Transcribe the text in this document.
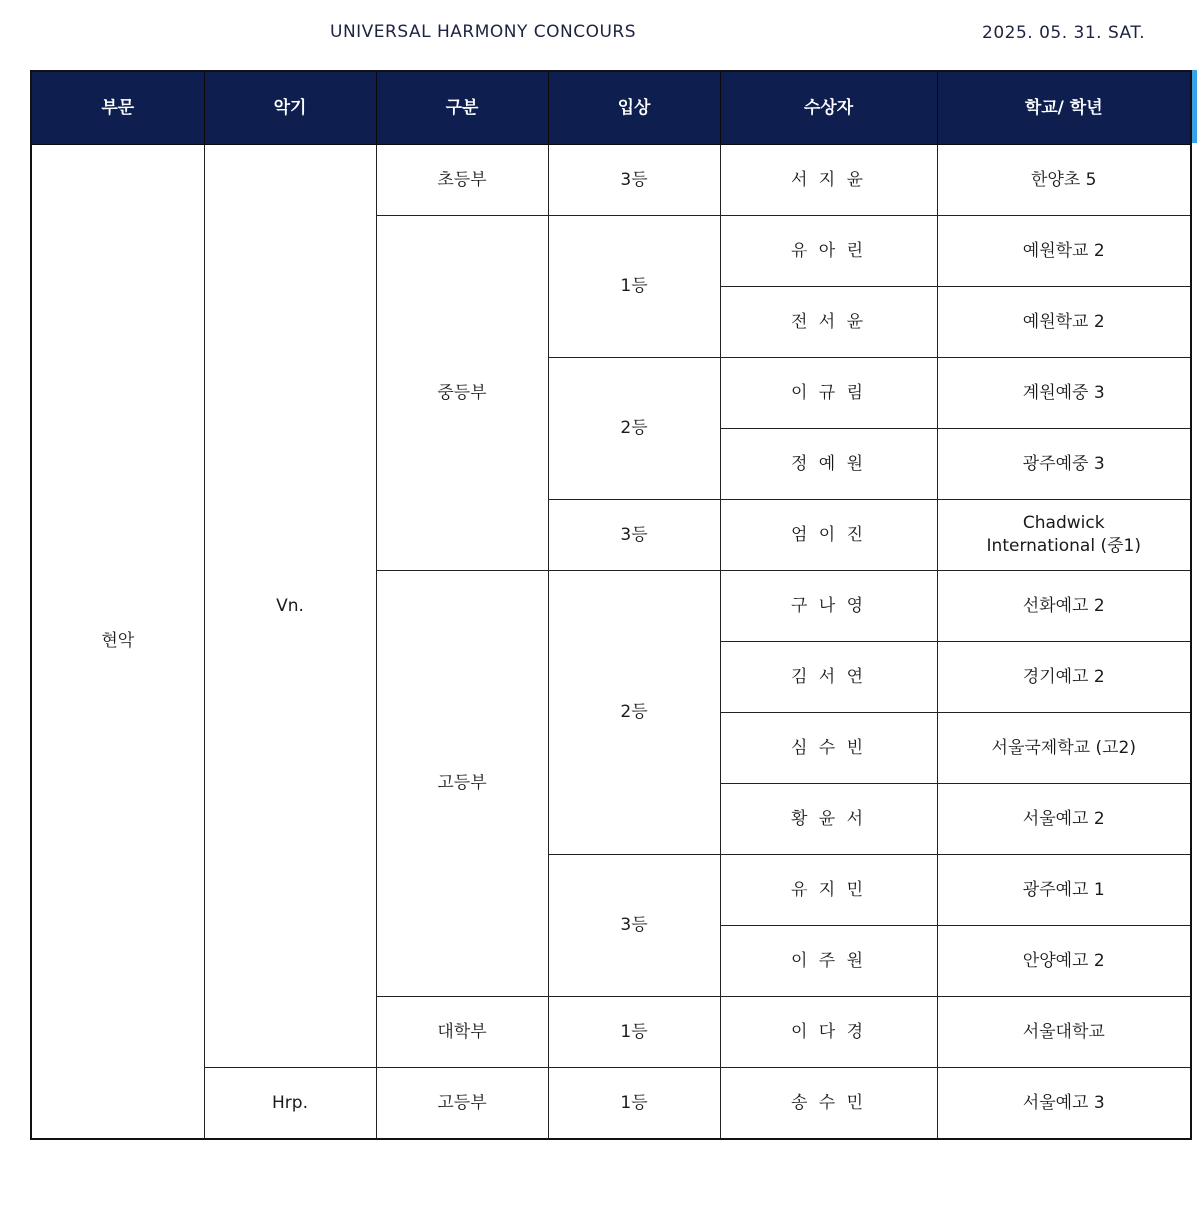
UNIVERSAL HARMONY CONCOURS	2025. 05. 31. SAT.
부문	악기	구분	입상	수상자	학교/ 학년
현악	Vn.	초등부	3등	서 지 윤	한양초 5
		중등부	1등	유 아 린	예원학교 2
				전 서 윤	예원학교 2
			2등	이 규 림	계원예중 3
				정 예 원	광주예중 3
			3등	엄 이 진	Chadwick
International (중1)
		고등부	2등	구 나 영	선화예고 2
				김 서 연	경기예고 2
				심 수 빈	서울국제학교 (고2)
				황 윤 서	서울예고 2
			3등	유 지 민	광주예고 1
				이 주 원	안양예고 2
		대학부	1등	이 다 경	서울대학교
	Hrp.	고등부	1등	송 수 민	서울예고 3
